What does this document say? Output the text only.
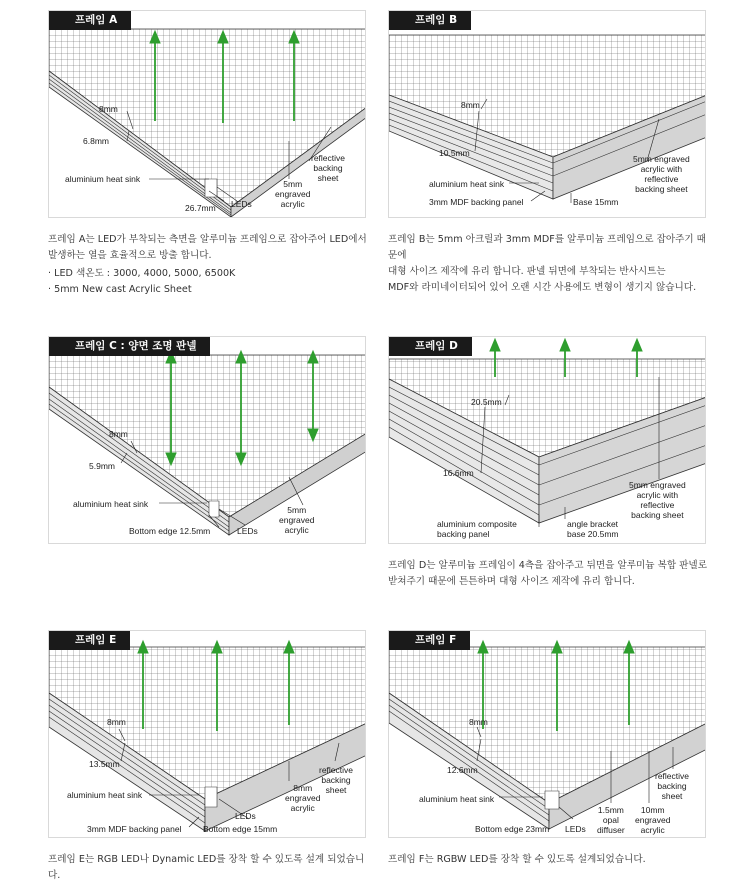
프레임 A
8mm
6.8mm
aluminium heat sink
26.7mm LEDs
5mm
engraved
acrylic
reflective
backing
sheet
프레임 A는 LED가 부착되는 측면을 알루미늄 프레임으로 잡아주어 LED에서
발생하는 열을 효율적으로 방출 합니다.
· LED 색온도 : 3000, 4000, 5000, 6500K
· 5mm New cast Acrylic Sheet
프레임 B
8mm
10.5mm
aluminium heat sink
3mm MDF backing panel	Base 15mm
5mm engraved
acrylic with
reflective
backing sheet
프레임 B는 5mm 아크릴과 3mm MDF를 알루미늄 프레임으로 잡아주기 때문에
대형 사이즈 제작에 유리 합니다. 판넬 뒤면에 부착되는 반사시트는
MDF와 라미네이터되어 있어 오랜 시간 사용에도 변형이 생기지 않습니다.
프레임 C : 양면 조명 판넬
8mm
5.9mm
aluminium heat sink
Bottom edge 12.5mm	LEDs
5mm
engraved
acrylic
프레임 D
20.5mm
16.6mm
aluminium composite
backing panel
angle bracket
base 20.5mm
5mm engraved
acrylic with
reflective
backing sheet
프레임 D는 알루미늄 프레임이 4측을 잡아주고 뒤면을 알루미늄 복합 판넬로
받쳐주기 때문에 튼튼하며 대형 사이즈 제작에 유리 합니다.
프레임 E
8mm
13.5mm
aluminium heat sink
3mm MDF backing panel	Bottom edge 15mm
LEDs
8mm
engraved
acrylic
reflective
backing
sheet
프레임 E는 RGB LED나 Dynamic LED를 장착 할 수 있도록 설계 되었습니다.
프레임 F
8mm
12.6mm
aluminium heat sink
Bottom edge 23mm LEDs
1.5mm
opal
diffuser
10mm
engraved
acrylic
reflective
backing
sheet
프레임 F는 RGBW LED를 장착 할 수 있도록 설계되었습니다.
